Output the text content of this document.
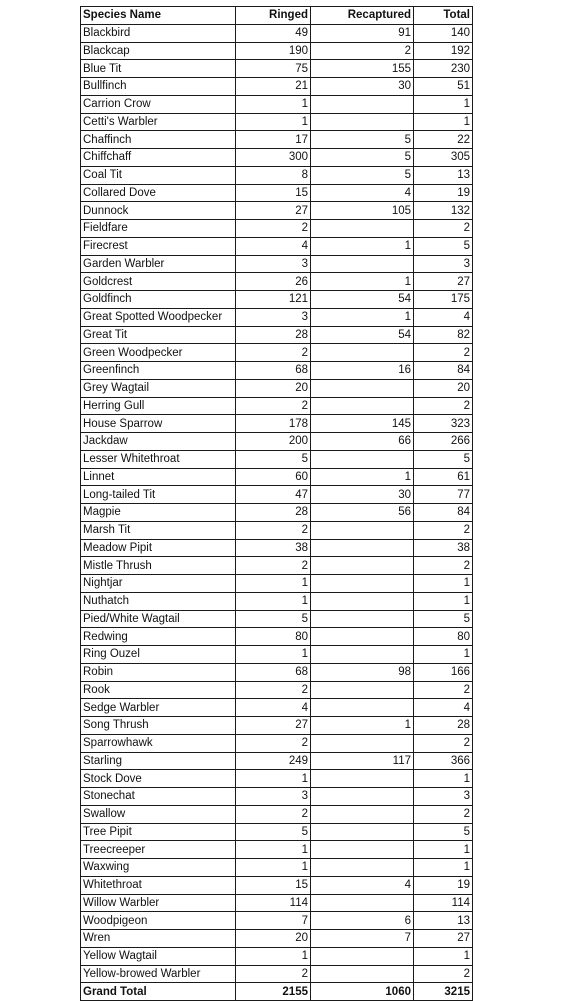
Species Name	Ringed	Recaptured	Total
Blackbird	49	91	140
Blackcap	190	2	192
Blue Tit	75	155	230
Bullfinch	21	30	51
Carrion Crow	1		1
Cetti's Warbler	1		1
Chaffinch	17	5	22
Chiffchaff	300	5	305
Coal Tit	8	5	13
Collared Dove	15	4	19
Dunnock	27	105	132
Fieldfare	2		2
Firecrest	4	1	5
Garden Warbler	3		3
Goldcrest	26	1	27
Goldfinch	121	54	175
Great Spotted Woodpecker	3	1	4
Great Tit	28	54	82
Green Woodpecker	2		2
Greenfinch	68	16	84
Grey Wagtail	20		20
Herring Gull	2		2
House Sparrow	178	145	323
Jackdaw	200	66	266
Lesser Whitethroat	5		5
Linnet	60	1	61
Long-tailed Tit	47	30	77
Magpie	28	56	84
Marsh Tit	2		2
Meadow Pipit	38		38
Mistle Thrush	2		2
Nightjar	1		1
Nuthatch	1		1
Pied/White Wagtail	5		5
Redwing	80		80
Ring Ouzel	1		1
Robin	68	98	166
Rook	2		2
Sedge Warbler	4		4
Song Thrush	27	1	28
Sparrowhawk	2		2
Starling	249	117	366
Stock Dove	1		1
Stonechat	3		3
Swallow	2		2
Tree Pipit	5		5
Treecreeper	1		1
Waxwing	1		1
Whitethroat	15	4	19
Willow Warbler	114		114
Woodpigeon	7	6	13
Wren	20	7	27
Yellow Wagtail	1		1
Yellow-browed Warbler	2		2
Grand Total	2155	1060	3215
